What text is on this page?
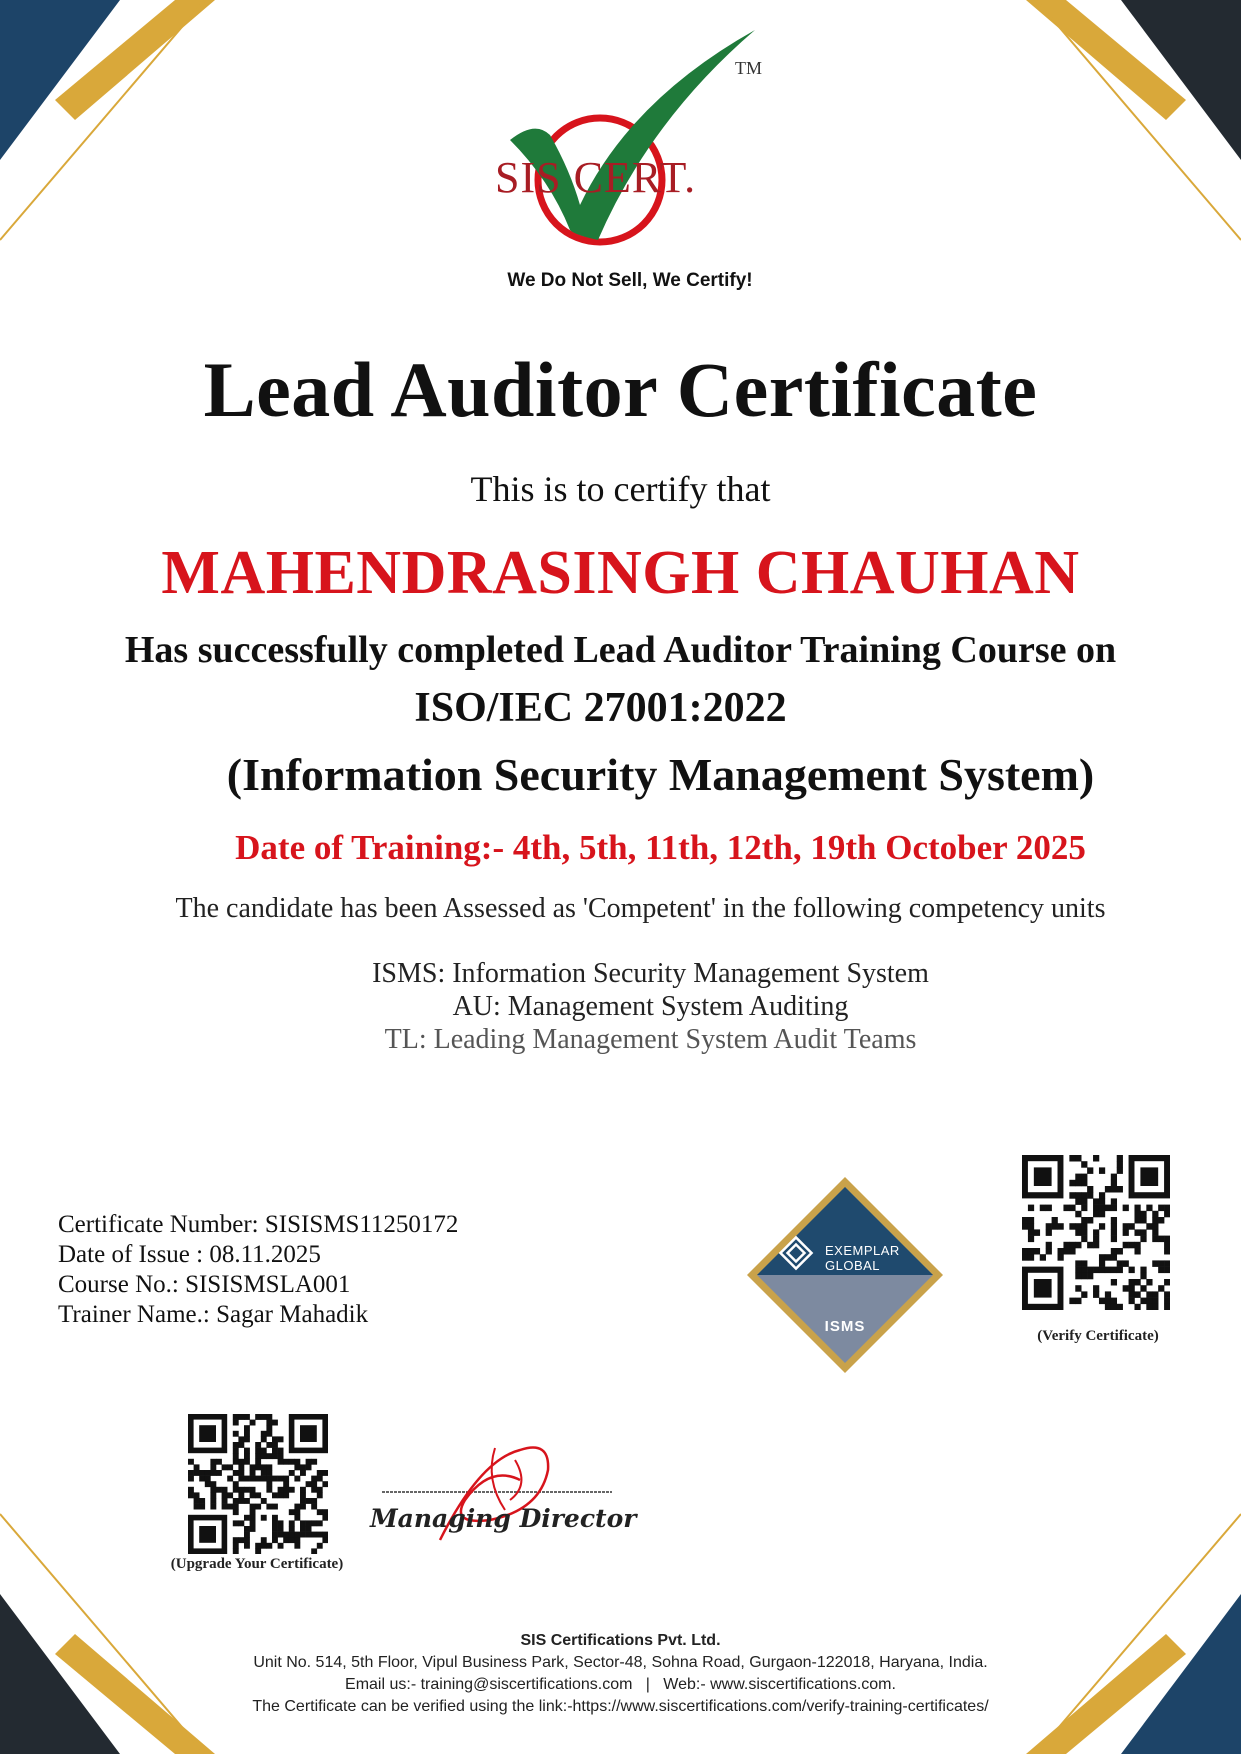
SIS CERT.
TM
We Do Not Sell, We Certify!
Lead Auditor Certificate
This is to certify that
MAHENDRASINGH CHAUHAN
Has successfully completed Lead Auditor Training Course on
ISO/IEC 27001:2022
(Information Security Management System)
Date of Training:- 4th, 5th, 11th, 12th, 19th October 2025
The candidate has been Assessed as 'Competent' in the following competency units
ISMS: Information Security Management System
AU: Management System Auditing
TL: Leading Management System Audit Teams
Certificate Number: SISISMS11250172
Date of Issue : 08.11.2025
Course No.: SISISMSLA001
Trainer Name.: Sagar Mahadik
EXEMPLAR
GLOBAL
ISMS
(Verify Certificate)
(Upgrade Your Certificate)
Managing Director
SIS Certifications Pvt. Ltd.
Unit No. 514, 5th Floor, Vipul Business Park, Sector-48, Sohna Road, Gurgaon-122018, Haryana, India.
Email us:- training@siscertifications.com   |   Web:- www.siscertifications.com.
The Certificate can be verified using the link:-https://www.siscertifications.com/verify-training-certificates/
